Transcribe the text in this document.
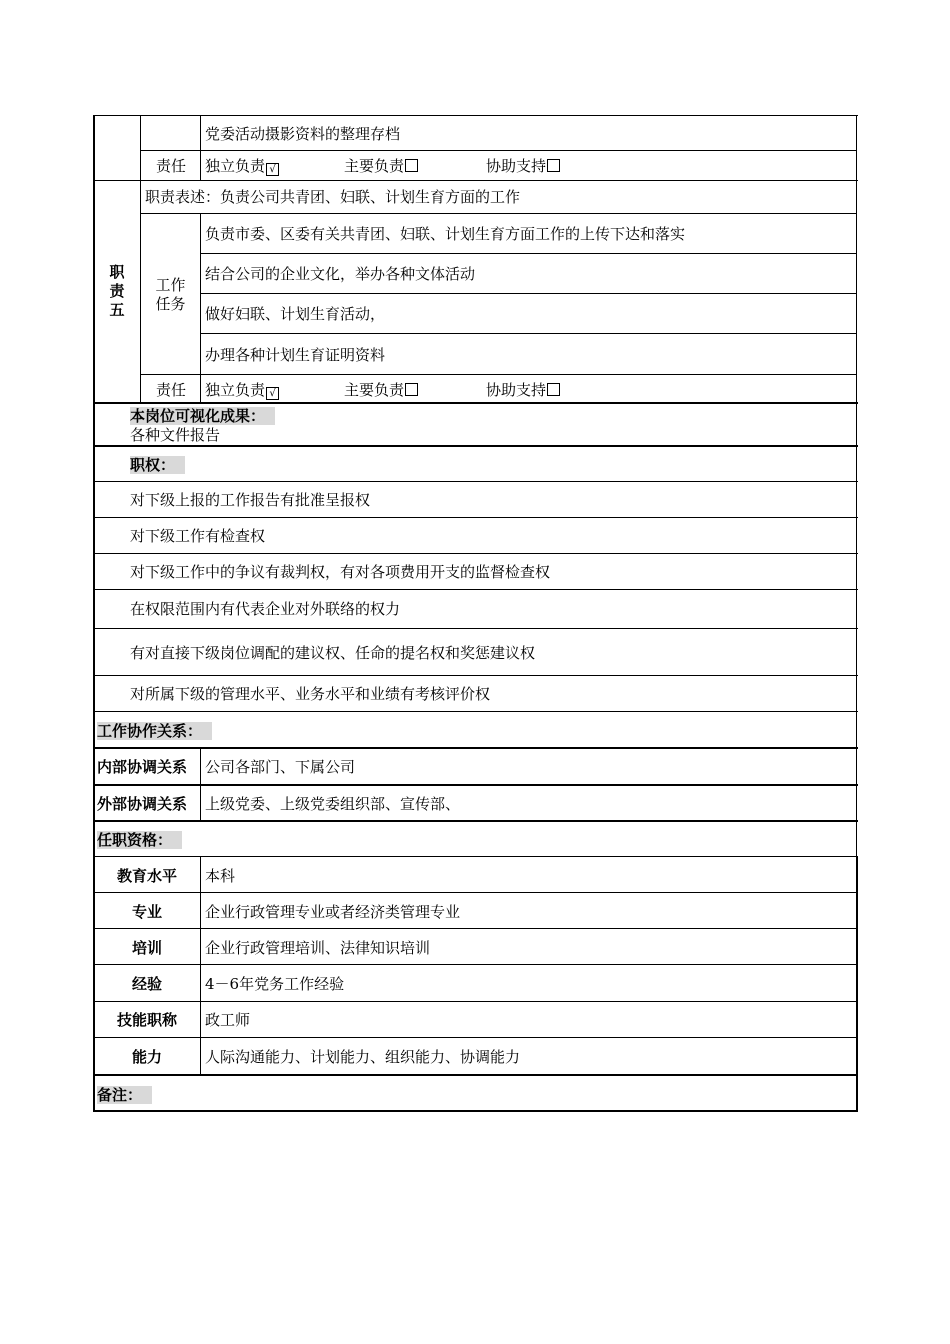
党委活动摄影资料的整理存档
责任 独立负责 √	主要负责	协助支持
职
责
五
职责表述：负责公司共青团、妇联、计划生育方面的工作
工作
任务
负责市委、区委有关共青团、妇联、计划生育方面工作的上传下达和落实
结合公司的企业文化，举办各种文体活动
做好妇联、计划生育活动，
办理各种计划生育证明资料
责任 独立负责 √	主要负责	协助支持
本岗位可视化成果：
各种文件报告
职权：
对下级上报的工作报告有批准呈报权
对下级工作有检查权
对下级工作中的争议有裁判权，有对各项费用开支的监督检查权
在权限范围内有代表企业对外联络的权力
有对直接下级岗位调配的建议权、任命的提名权和奖惩建议权
对所属下级的管理水平、业务水平和业绩有考核评价权
工作协作关系：
内部协调关系 公司各部门、下属公司
外部协调关系 上级党委、上级党委组织部、宣传部、
任职资格：
教育水平	本科
专业	企业行政管理专业或者经济类管理专业
培训	企业行政管理培训、法律知识培训
经验	4－6年党务工作经验
技能职称	政工师
能力	人际沟通能力、计划能力、组织能力、协调能力
备注：
